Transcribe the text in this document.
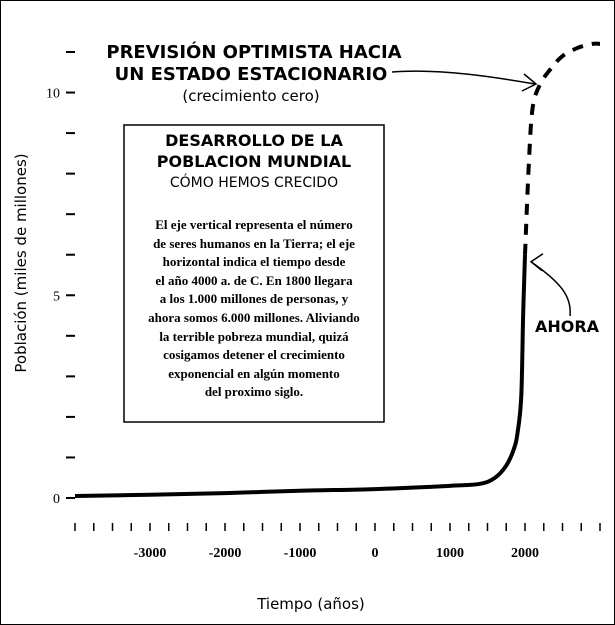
0
5
10
-3000	-2000	-1000	0	1000	2000
Tiempo (años)
Población (miles de millones)
PREVISIÓN OPTIMISTA HACIA
UN ESTADO ESTACIONARIO
(crecimiento cero)
AHORA
DESARROLLO DE LA
POBLACION MUNDIAL
CÓMO HEMOS CRECIDO
El eje vertical representa el número
de seres humanos en la Tierra; el eje
horizontal indica el tiempo desde
el año 4000 a. de C. En 1800 llegara
a los 1.000 millones de personas, y
ahora somos 6.000 millones. Aliviando
la terrible pobreza mundial, quizá
cosigamos detener el crecimiento
exponencial en algún momento
del proximo siglo.
